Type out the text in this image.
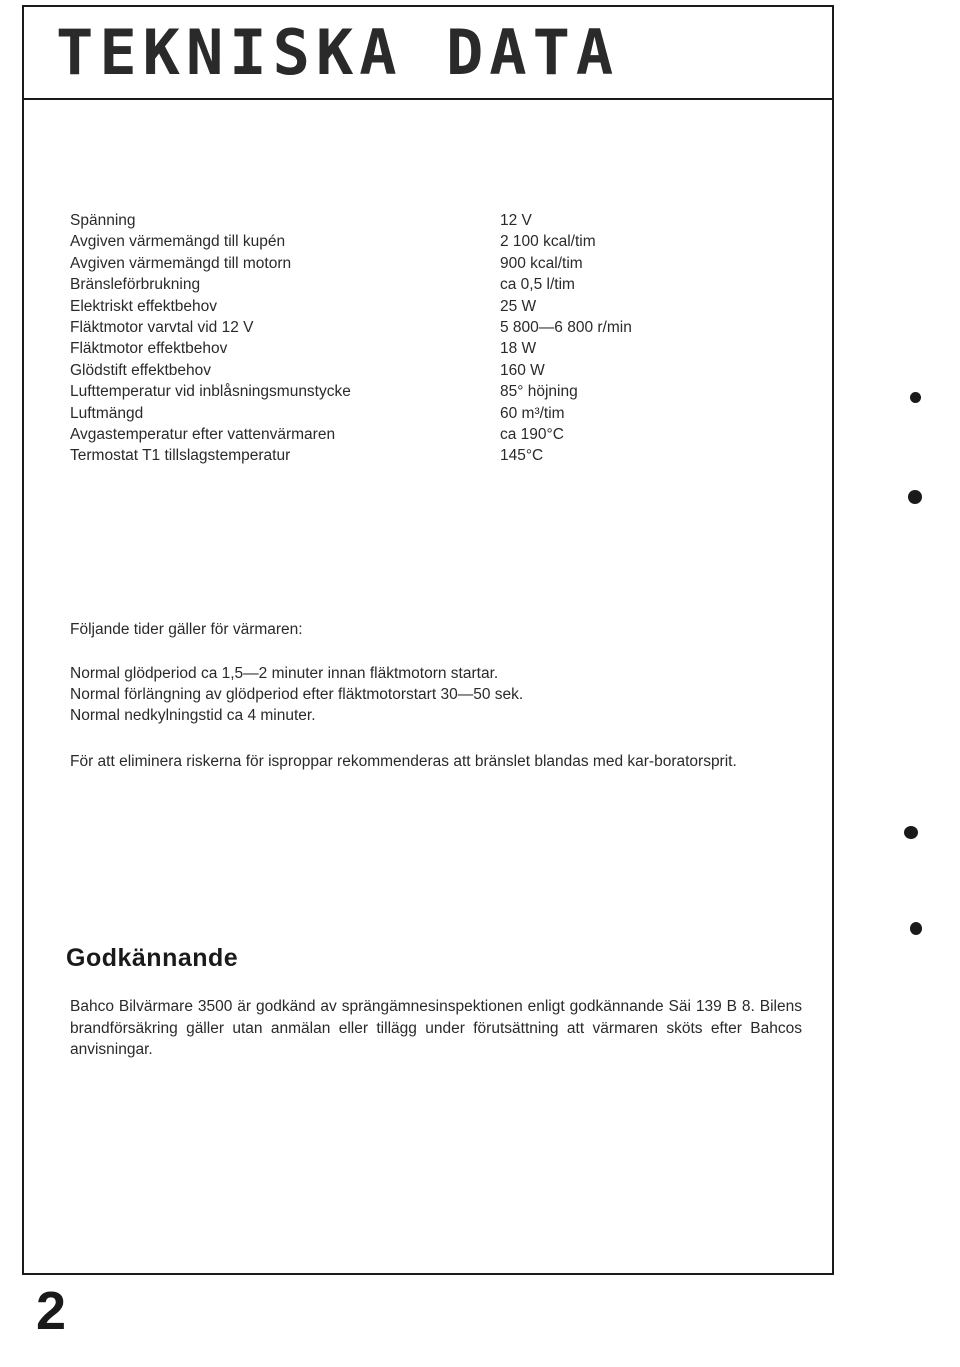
TEKNISKA DATA
Spänning	12 V
Avgiven värmemängd till kupén	2 100 kcal/tim
Avgiven värmemängd till motorn	900 kcal/tim
Bränsleförbrukning	ca 0,5 l/tim
Elektriskt effektbehov	25 W
Fläktmotor varvtal vid 12 V	5 800—6 800 r/min
Fläktmotor effektbehov	18 W
Glödstift effektbehov	160 W
Lufttemperatur vid inblåsningsmunstycke	85° höjning
Luftmängd	60 m³/tim
Avgastemperatur efter vattenvärmaren	ca 190°C
Termostat T1 tillslagstemperatur	145°C
Följande tider gäller för värmaren:
Normal glödperiod ca 1,5—2 minuter innan fläktmotorn startar.
Normal förlängning av glödperiod efter fläktmotorstart 30—50 sek.
Normal nedkylningstid ca 4 minuter.
För att eliminera riskerna för isproppar rekommenderas att bränslet blandas med kar-boratorsprit.
Godkännande
Bahco Bilvärmare 3500 är godkänd av sprängämnesinspektionen enligt godkännande Säi 139 B 8. Bilens brandförsäkring gäller utan anmälan eller tillägg under förutsättning att värmaren sköts efter Bahcos anvisningar.
2
